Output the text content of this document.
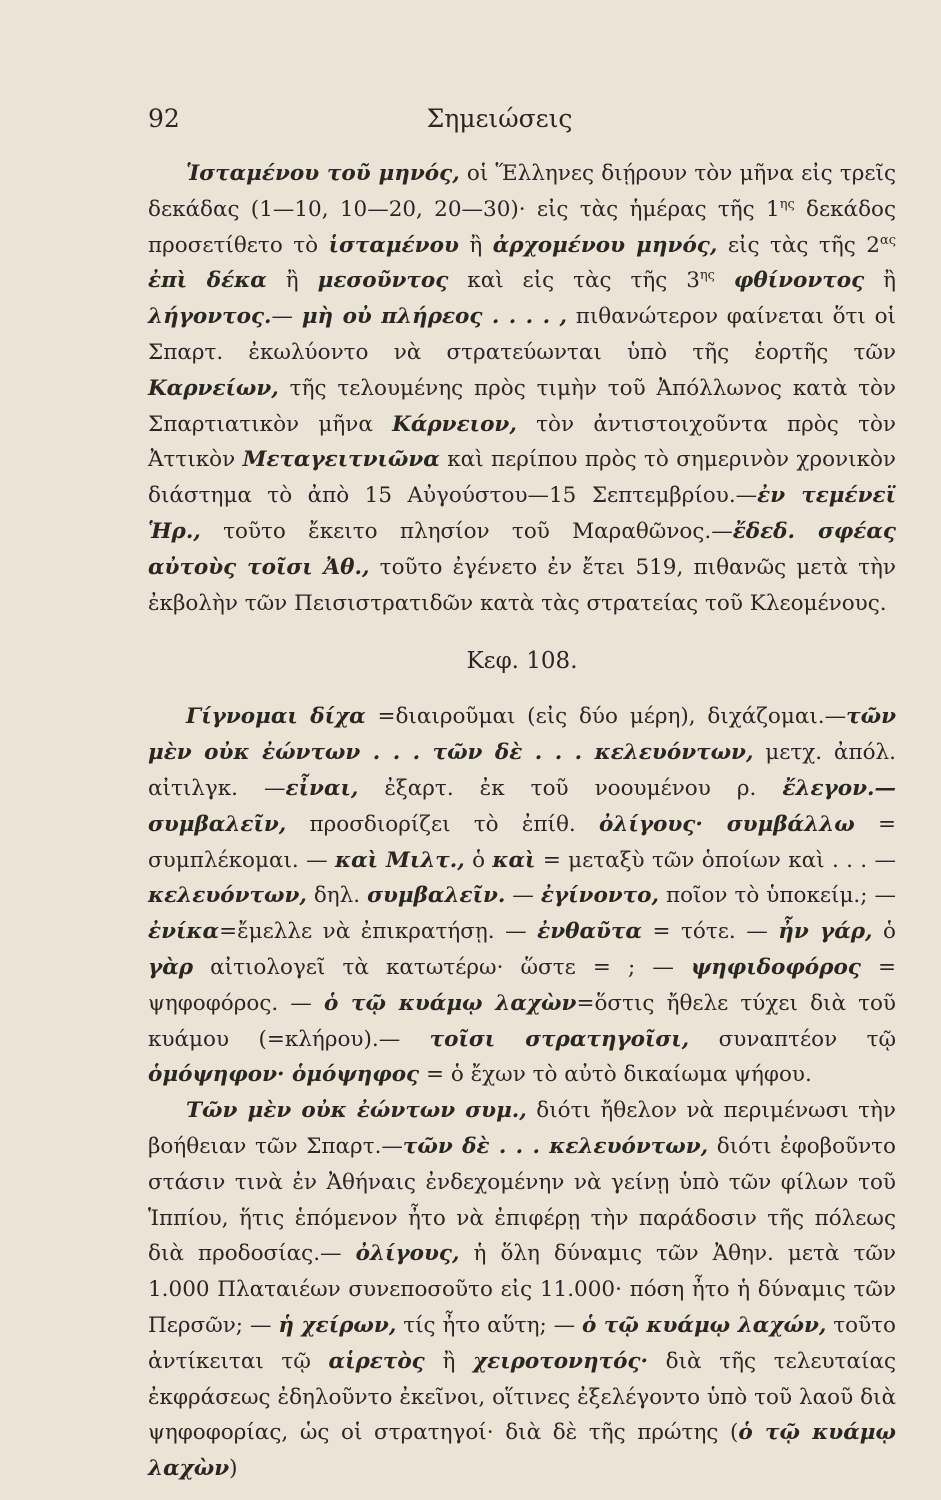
92	Σημειώσεις

Ἱσταμένου τοῦ μηνός, οἱ Ἕλληνες διῄρουν τὸν μῆνα εἰς τρεῖς δεκάδας (1—10, 10—20, 20—30)· εἰς τὰς ἡμέρας τῆς $1^{\eta\varsigma}$ δεκάδος προσετίθετο τὸ ἱσταμένου ἢ ἀρχομένου μηνός, εἰς τὰς τῆς $2^{\alpha\varsigma}$ ἐπὶ δέκα ἢ μεσοῦντος καὶ εἰς τὰς τῆς $3^{\eta\varsigma}$ φθίνοντος ἢ λήγοντος.— μὴ οὐ πλήρεος . . . . , πιθανώτερον φαίνεται ὅτι οἱ Σπαρτ. ἐκωλύοντο νὰ στρατεύωνται ὑπὸ τῆς ἑορτῆς τῶν Καρνείων, τῆς τελουμένης πρὸς τιμὴν τοῦ Ἀπόλλωνος κατὰ τὸν Σπαρτιατικὸν μῆνα Κάρνειον, τὸν ἀντιστοιχοῦντα πρὸς τὸν Ἀττικὸν Μεταγειτνιῶνα καὶ περίπου πρὸς τὸ σημερινὸν χρονικὸν διάστημα τὸ ἀπὸ 15 Αὐγούστου—15 Σεπτεμβρίου.—ἐν τεμένεϊ Ἡρ., τοῦτο ἔκειτο πλησίον τοῦ Μαραθῶνος.—ἔδεδ. σφέας αὐτοὺς τοῖσι Ἀθ., τοῦτο ἐγένετο ἐν ἔτει 519, πιθανῶς μετὰ τὴν ἐκβολὴν τῶν Πεισιστρατιδῶν κατὰ τὰς στρατείας τοῦ Κλεομένους.

Κεφ. 108.

Γίγνομαι δίχα =διαιροῦμαι (εἰς δύο μέρη), διχάζομαι.—τῶν μὲν οὐκ ἐώντων . . . τῶν δὲ . . . κελευόντων, μετχ. ἀπόλ. αἰτιλγκ. —εἶναι, ἐξαρτ. ἐκ τοῦ νοουμένου ρ. ἔλεγον.—συμβαλεῖν, προσδιορίζει τὸ ἐπίθ. ὀλίγους· συμβάλλω = συμπλέκομαι. — καὶ Μιλτ., ὁ καὶ = μεταξὺ τῶν ὁποίων καὶ . . . — κελευόντων, δηλ. συμβαλεῖν. — ἐγίνοντο, ποῖον τὸ ὑποκείμ.; — ἐνίκα=ἔμελλε νὰ ἐπικρατήσῃ. — ἐνθαῦτα = τότε. — ἦν γάρ, ὁ γὰρ αἰτιολογεῖ τὰ κατωτέρω· ὥστε = ; — ψηφιδοφόρος = ψηφοφόρος. — ὁ τῷ κυάμῳ λαχὼν=ὅστις ἤθελε τύχει διὰ τοῦ κυάμου (=κλήρου).— τοῖσι στρατηγοῖσι, συναπτέον τῷ ὁμόψηφον· ὁμόψηφος = ὁ ἔχων τὸ αὐτὸ δικαίωμα ψήφου.

Τῶν μὲν οὐκ ἐώντων συμ., διότι ἤθελον νὰ περιμένωσι τὴν βοήθειαν τῶν Σπαρτ.—τῶν δὲ . . . κελευόντων, διότι ἐφοβοῦντο στάσιν τινὰ ἐν Ἀθήναις ἐνδεχομένην νὰ γείνῃ ὑπὸ τῶν φίλων τοῦ Ἱππίου, ἥτις ἑπόμενον ἦτο νὰ ἐπιφέρῃ τὴν παράδοσιν τῆς πόλεως διὰ προδοσίας.— ὀλίγους, ἡ ὅλη δύναμις τῶν Ἀθην. μετὰ τῶν 1.000 Πλαταιέων συνεποσοῦτο εἰς 11.000· πόση ἦτο ἡ δύναμις τῶν Περσῶν; — ἡ χείρων, τίς ἦτο αὕτη; — ὁ τῷ κυάμῳ λαχών, τοῦτο ἀντίκειται τῷ αἱρετὸς ἢ χειροτονητός· διὰ τῆς τελευταίας ἐκφράσεως ἐδηλοῦντο ἐκεῖνοι, οἵτινες ἐξελέγοντο ὑπὸ τοῦ λαοῦ διὰ ψηφοφορίας, ὡς οἱ στρατηγοί· διὰ δὲ τῆς πρώτης (ὁ τῷ κυάμῳ λαχὼν)
